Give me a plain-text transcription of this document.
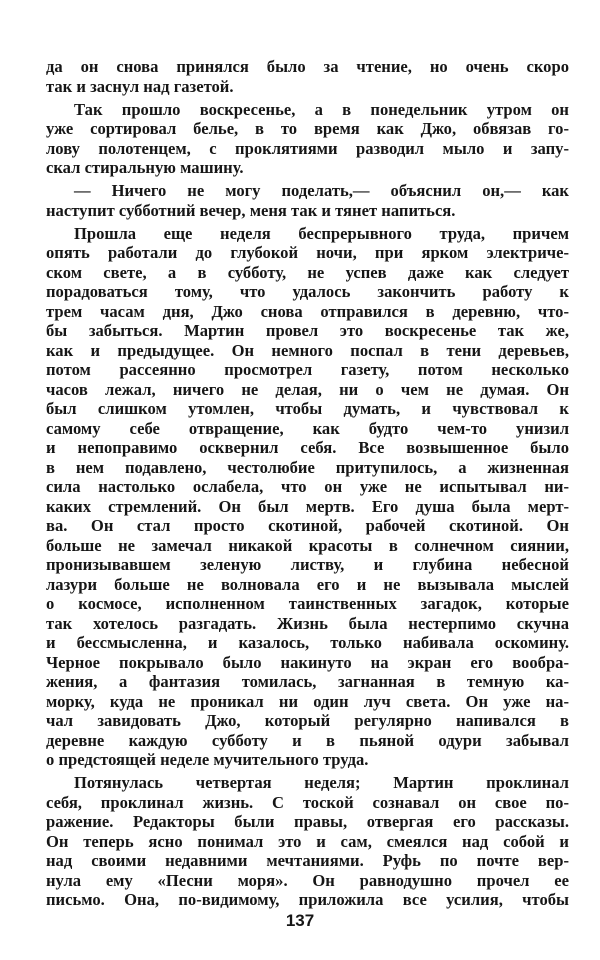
да он снова принялся было за чтение, но очень скоро
так и заснул над газетой.
Так прошло воскресенье, а в понедельник утром он
уже сортировал белье, в то время как Джо, обвязав го-
лову полотенцем, с проклятиями разводил мыло и запу-
скал стиральную машину.
— Ничего не могу поделать,— объяснил он,— как
наступит субботний вечер, меня так и тянет напиться.
Прошла еще неделя беспрерывного труда, причем
опять работали до глубокой ночи, при ярком электриче-
ском свете, а в субботу, не успев даже как следует
порадоваться тому, что удалось закончить работу к
трем часам дня, Джо снова отправился в деревню, что-
бы забыться. Мартин провел это воскресенье так же,
как и предыдущее. Он немного поспал в тени деревьев,
потом рассеянно просмотрел газету, потом несколько
часов лежал, ничего не делая, ни о чем не думая. Он
был слишком утомлен, чтобы думать, и чувствовал к
самому себе отвращение, как будто чем-то унизил
и непоправимо осквернил себя. Все возвышенное было
в нем подавлено, честолюбие притупилось, а жизненная
сила настолько ослабела, что он уже не испытывал ни-
каких стремлений. Он был мертв. Его душа была мерт-
ва. Он стал просто скотиной, рабочей скотиной. Он
больше не замечал никакой красоты в солнечном сиянии,
пронизывавшем зеленую листву, и глубина небесной
лазури больше не волновала его и не вызывала мыслей
о космосе, исполненном таинственных загадок, которые
так хотелось разгадать. Жизнь была нестерпимо скучна
и бессмысленна, и казалось, только набивала оскомину.
Черное покрывало было накинуто на экран его вообра-
жения, а фантазия томилась, загнанная в темную ка-
морку, куда не проникал ни один луч света. Он уже на-
чал завидовать Джо, который регулярно напивался в
деревне каждую субботу и в пьяной одури забывал
о предстоящей неделе мучительного труда.
Потянулась четвертая неделя; Мартин проклинал
себя, проклинал жизнь. С тоской сознавал он свое по-
ражение. Редакторы были правы, отвергая его рассказы.
Он теперь ясно понимал это и сам, смеялся над собой и
над своими недавними мечтаниями. Руфь по почте вер-
нула ему «Песни моря». Он равнодушно прочел ее
письмо. Она, по-видимому, приложила все усилия, чтобы
137
